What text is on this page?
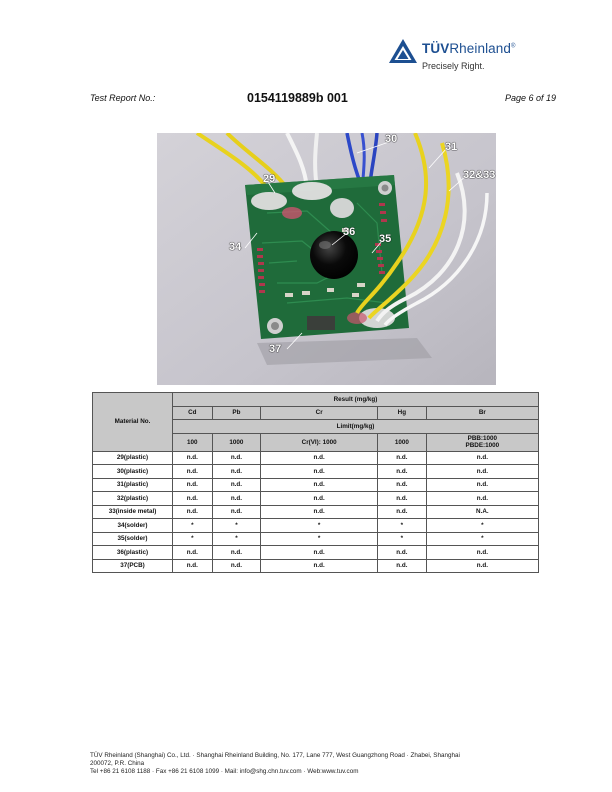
TÜVRheinland®
Precisely Right.
Test Report No.:	0154119889b 001	Page 6 of 19
29
30
31
32&33
34
35
36
37
Material No.	Result (mg/kg)				
	Cd	Pb	Cr	Hg	Br
	Limit(mg/kg)				
	100	1000	Cr(VI): 1000	1000	PBB:1000
PBDE:1000
29(plastic)	n.d.	n.d.	n.d.	n.d.	n.d.
30(plastic)	n.d.	n.d.	n.d.	n.d.	n.d.
31(plastic)	n.d.	n.d.	n.d.	n.d.	n.d.
32(plastic)	n.d.	n.d.	n.d.	n.d.	n.d.
33(inside metal)	n.d.	n.d.	n.d.	n.d.	N.A.
34(solder)	*	*	*	*	*
35(solder)	*	*	*	*	*
36(plastic)	n.d.	n.d.	n.d.	n.d.	n.d.
37(PCB)	n.d.	n.d.	n.d.	n.d.	n.d.
TÜV Rheinland (Shanghai) Co., Ltd. · Shanghai Rheinland Building, No. 177, Lane 777, West Guangzhong Road · Zhabei, Shanghai
200072, P.R. China
Tel +86 21 6108 1188 · Fax +86 21 6108 1099 · Mail: info@shg.chn.tuv.com · Web:www.tuv.com
